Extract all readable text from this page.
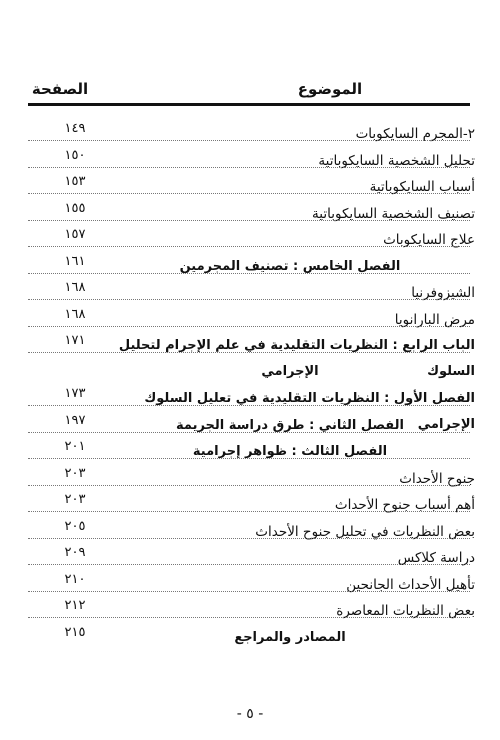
الموضوع
الصفحة
٢-المجرم السايكوبات
١٤٩
تحليل الشخصية السايكوباتية
١٥٠
أسباب السايكوباتية
١٥٣
تصنيف الشخصية السايكوباتية
١٥٥
علاج السايكوباث
١٥٧
الفصل الخامس : تصنيف المجرمين
١٦١
الشيزوفرنيا
١٦٨
مرض البارانويا
١٦٨
الباب الرابع : النظريات التقليدية في علم الإجرام لتحليل السلوك
الإجرامي
١٧١
الفصل الأول : النظريات التقليدية في تعليل السلوك الإجرامي
١٧٣
الفصل الثاني : طرق دراسة الجريمة
١٩٧
الفصل الثالث : ظواهر إجرامية
٢٠١
جنوح الأحداث
٢٠٣
أهم أسباب جنوح الأحداث
٢٠٣
بعض النظريات في تحليل جنوح الأحداث
٢٠٥
دراسة كلاكس
٢٠٩
تأهيل الأحداث الجانحين
٢١٠
بعض النظريات المعاصرة
٢١٢
المصادر والمراجع
٢١٥
- ٥ -
